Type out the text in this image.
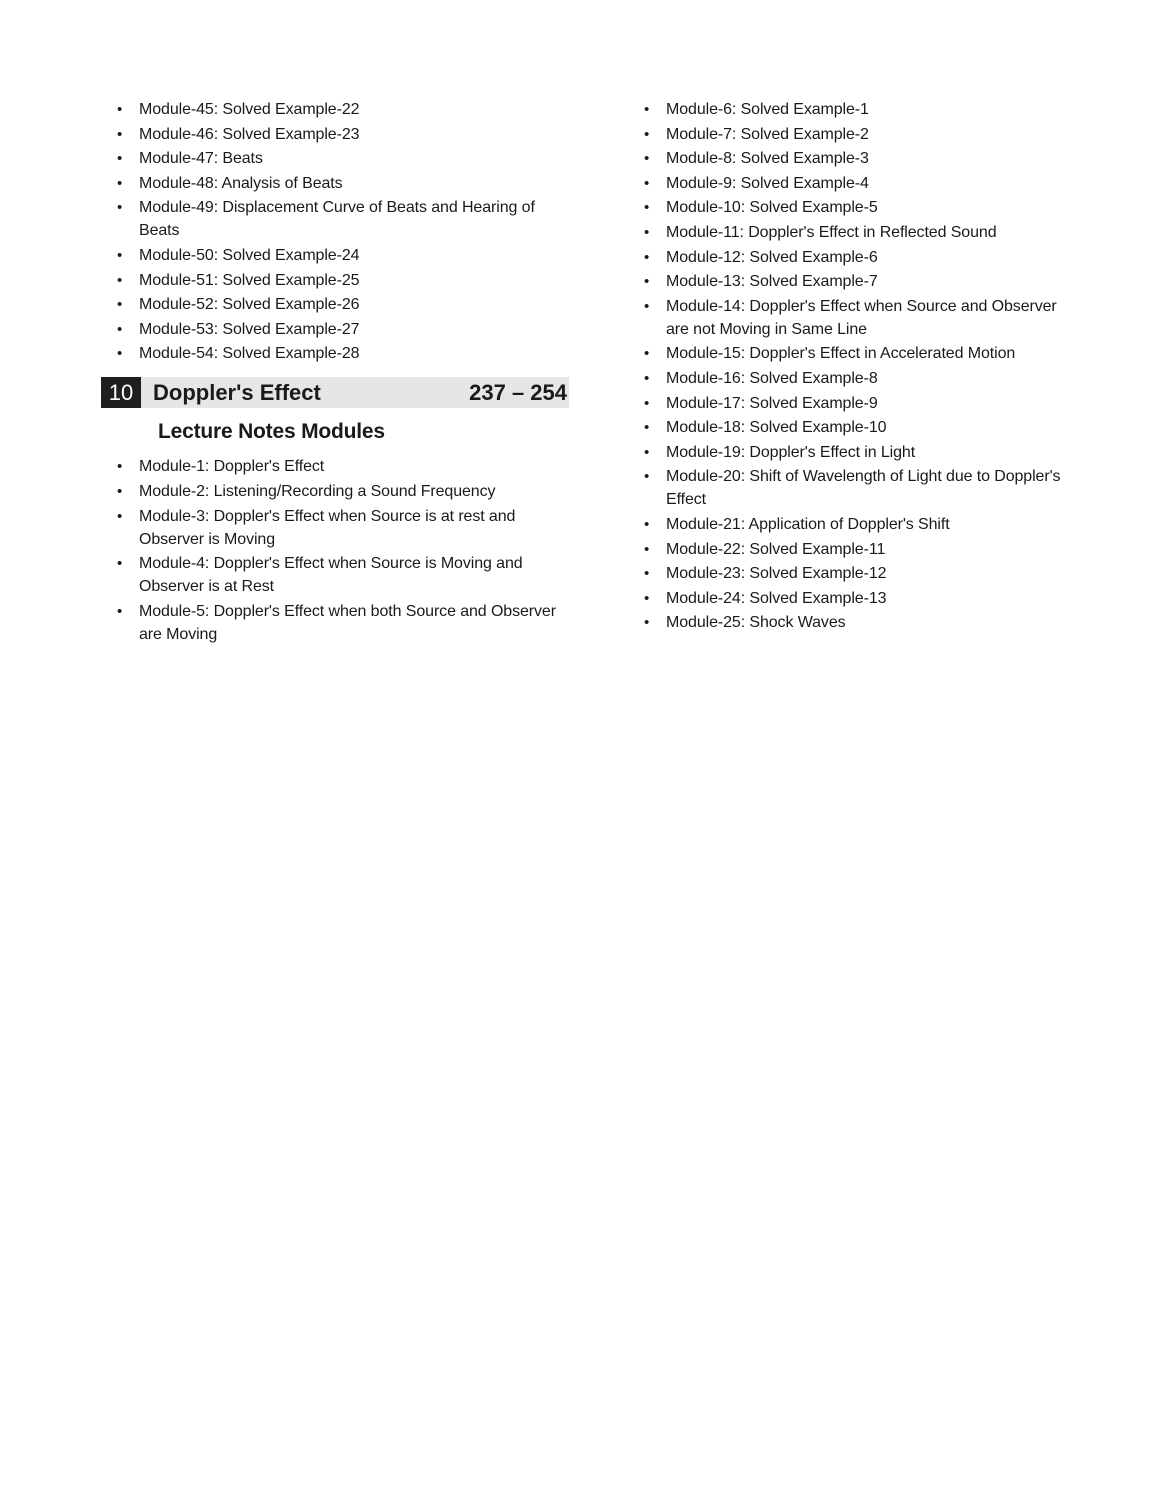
• Module-45: Solved Example-22
• Module-46: Solved Example-23
• Module-47: Beats
• Module-48: Analysis of Beats
• Module-49: Displacement Curve of Beats and Hearing of Beats
• Module-50: Solved Example-24
• Module-51: Solved Example-25
• Module-52: Solved Example-26
• Module-53: Solved Example-27
• Module-54: Solved Example-28
10 Doppler's Effect	237 – 254
Lecture Notes Modules
• Module-1: Doppler's Effect
• Module-2: Listening/Recording a Sound Frequency
• Module-3: Doppler's Effect when Source is at rest and Observer is Moving
• Module-4: Doppler's Effect when Source is Moving and Observer is at Rest
• Module-5: Doppler's Effect when both Source and Observer are Moving
• Module-6: Solved Example-1
• Module-7: Solved Example-2
• Module-8: Solved Example-3
• Module-9: Solved Example-4
• Module-10: Solved Example-5
• Module-11: Doppler's Effect in Reflected Sound
• Module-12: Solved Example-6
• Module-13: Solved Example-7
• Module-14: Doppler's Effect when Source and Observer are not Moving in Same Line
• Module-15: Doppler's Effect in Accelerated Motion
• Module-16: Solved Example-8
• Module-17: Solved Example-9
• Module-18: Solved Example-10
• Module-19: Doppler's Effect in Light
• Module-20: Shift of Wavelength of Light due to Doppler's Effect
• Module-21: Application of Doppler's Shift
• Module-22: Solved Example-11
• Module-23: Solved Example-12
• Module-24: Solved Example-13
• Module-25: Shock Waves
